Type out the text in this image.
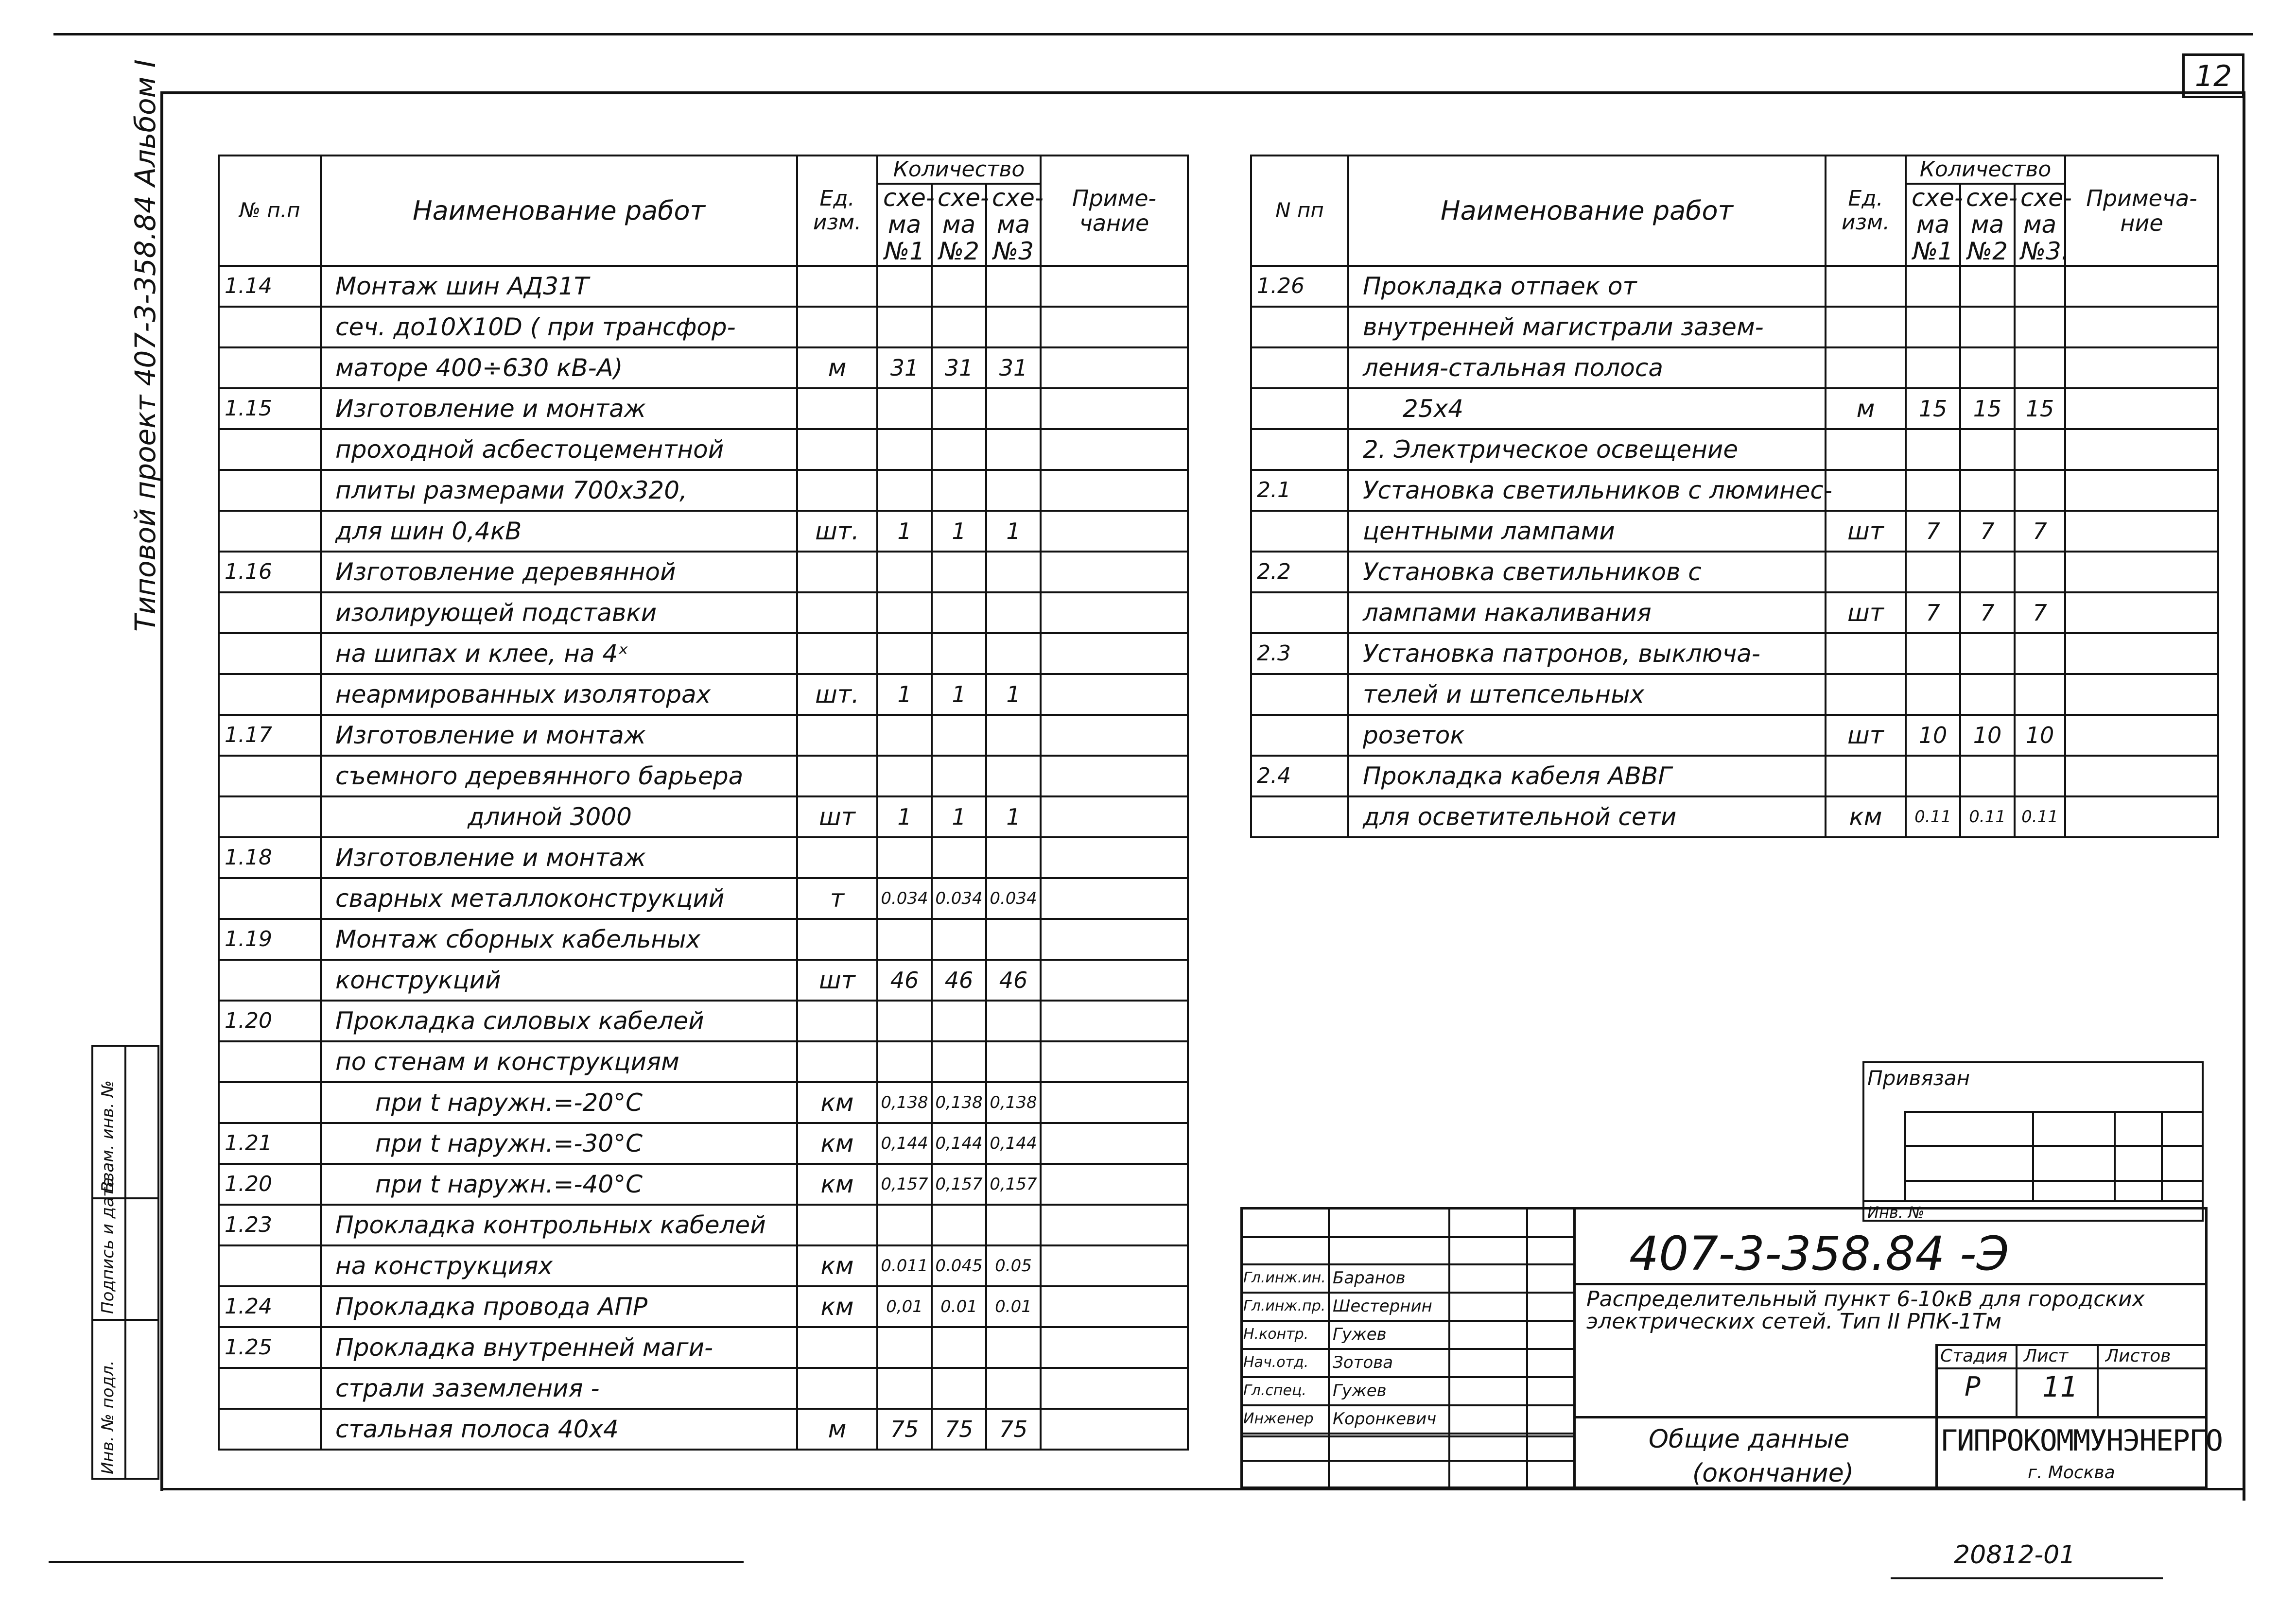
12
Типовой проект 407-3-358.84 Альбом I
Инв. № подл.
Подпись и дата
Взам. инв. №
№ п.п	Наименование работ	Ед. изм.	Количество			Приме-чание
			схе-ма №1	схе-ма №2	схе-ма №3	
1.14	Монтаж шин АД31Т					
	сеч. до10Х10D ( при трансфор-					
	маторе 400÷630 кВ-А)	м	31	31	31	
1.15	Изготовление и монтаж					
	проходной асбестоцементной					
	плиты размерами 700х320,					
	для шин 0,4кВ	шт.	1	1	1	
1.16	Изготовление деревянной					
	изолирующей подставки					
	на шипах и клее, на 4ˣ					
	неармированных изоляторах	шт.	1	1	1	
1.17	Изготовление и монтаж					
	съемного деревянного барьера					
	длиной 3000	шт	1	1	1	
1.18	Изготовление и монтаж					
	сварных металлоконструкций	т	0.034	0.034	0.034	
1.19	Монтаж сборных кабельных					
	конструкций	шт	46	46	46	
1.20	Прокладка силовых кабелей					
	по стенам и конструкциям					
	при t наружн.=-20°С	км	0,138	0,138	0,138	
1.21	при t наружн.=-30°С	км	0,144	0,144	0,144	
1.20	при t наружн.=-40°С	км	0,157	0,157	0,157	
1.23	Прокладка контрольных кабелей					
	на конструкциях	км	0.011	0.045	0.05	
1.24	Прокладка провода АПР	км	0,01	0.01	0.01	
1.25	Прокладка внутренней маги-					
	страли заземления -					
	стальная полоса 40х4	м	75	75	75	
N пп	Наименование работ	Ед. изм.	Количество			Примеча-ние
			схе-ма №1	схе-ма №2	схе-ма №3.	
1.26	Прокладка отпаек от					
	внутренней магистрали зазем-					
	ления-стальная полоса					
	25х4	м	15	15	15	
	2. Электрическое освещение					
2.1	Установка светильников с люминес-					
	центными лампами	шт	7	7	7	
2.2	Установка светильников с					
	лампами накаливания	шт	7	7	7	
2.3	Установка патронов, выключа-					
	телей и штепсельных					
	розеток	шт	10	10	10	
2.4	Прокладка кабеля АВВГ					
	для осветительной сети	км	0.11	0.11	0.11	
Привязан
Инв. №
Гл.инж.ин. Баранов
Гл.инж.пр. Шестернин
Н.контр. Гужев
Нач.отд. Зотова
Гл.спец. Гужев
Инженер Коронкевич
407-3-358.84 -Э
Распределительный пункт 6-10кВ для городских
электрических сетей. Тип II РПК-1Тм
Стадия Лист Листов
Р 11
Общие данные
(окончание)
ГИПРОКОММУНЭНЕРГО
г. Москва
20812-01
